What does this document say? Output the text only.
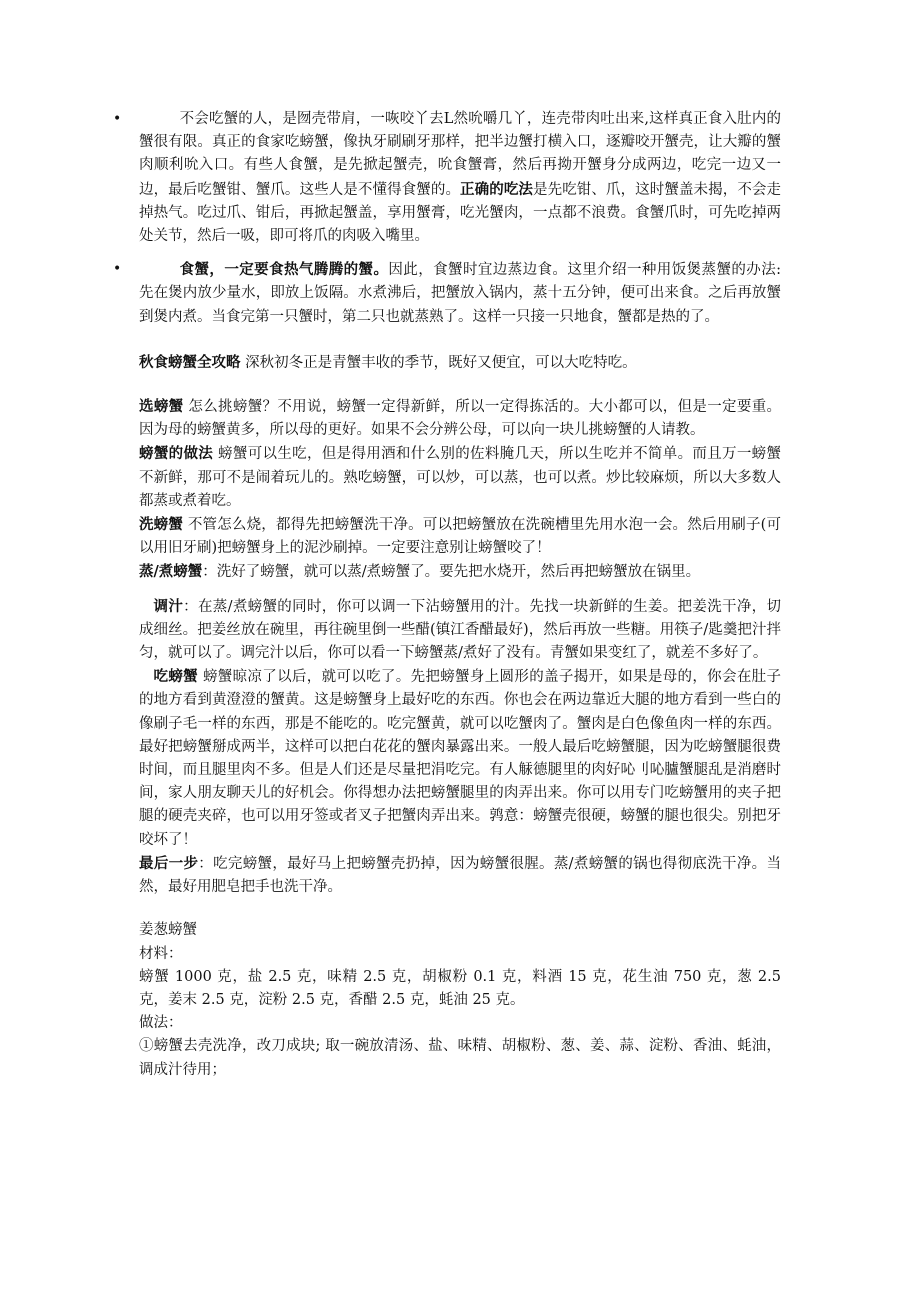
•	不会吃蟹的人，是囫壳带肩，一咴咬丫去L然吮嚼几丫，连壳带肉吐出来,这样真正食入肚内的蟹很有限。真正的食家吃螃蟹，像执牙刷刷牙那样，把半边蟹打横入口，逐瓣咬开蟹壳，让大瓣的蟹肉顺利吮入口。有些人食蟹，是先掀起蟹壳，吮食蟹膏，然后再拗开蟹身分成两边，吃完一边又一边，最后吃蟹钳、蟹爪。这些人是不懂得食蟹的。正确的吃法是先吃钳、爪，这时蟹盖未揭，不会走掉热气。吃过爪、钳后，再掀起蟹盖，享用蟹膏，吃光蟹肉，一点都不浪费。食蟹爪时，可先吃掉两处关节，然后一吸，即可将爪的肉吸入嘴里。
•	食蟹，一定要食热气腾腾的蟹。因此，食蟹时宜边蒸边食。这里介绍一种用饭煲蒸蟹的办法: 先在煲内放少量水，即放上饭隔。水煮沸后，把蟹放入锅内，蒸十五分钟，便可出来食。之后再放蟹到煲内煮。当食完第一只蟹时，第二只也就蒸熟了。这样一只接一只地食，蟹都是热的了。

秋食螃蟹全攻略 深秋初冬正是青蟹丰收的季节，既好又便宜，可以大吃特吃。

选螃蟹 怎么挑螃蟹？不用说，螃蟹一定得新鲜，所以一定得拣活的。大小都可以，但是一定要重。因为母的螃蟹黄多，所以母的更好。如果不会分辨公母，可以向一块儿挑螃蟹的人请教。

螃蟹的做法 螃蟹可以生吃，但是得用酒和什么别的佐料腌几天，所以生吃并不简单。而且万一螃蟹不新鲜，那可不是闹着玩儿的。熟吃螃蟹，可以炒，可以蒸，也可以煮。炒比较麻烦，所以大多数人都蒸或煮着吃。

洗螃蟹 不管怎么烧，都得先把螃蟹洗干净。可以把螃蟹放在洗碗槽里先用水泡一会。然后用刷子(可以用旧牙刷)把螃蟹身上的泥沙刷掉。一定要注意别让螃蟹咬了！

蒸/煮螃蟹：洗好了螃蟹，就可以蒸/煮螃蟹了。要先把水烧开，然后再把螃蟹放在锅里。

调汁：在蒸/煮螃蟹的同时，你可以调一下沾螃蟹用的汁。先找一块新鲜的生姜。把姜洗干净，切成细丝。把姜丝放在碗里，再往碗里倒一些醋(镇江香醋最好)，然后再放一些糖。用筷子/匙羹把汁拌匀，就可以了。调完汁以后，你可以看一下螃蟹蒸/煮好了没有。青蟹如果变红了，就差不多好了。

吃螃蟹 螃蟹晾凉了以后，就可以吃了。先把螃蟹身上圆形的盖子揭开，如果是母的，你会在肚子的地方看到黄澄澄的蟹黄。这是螃蟹身上最好吃的东西。你也会在两边靠近大腿的地方看到一些白的像刷子毛一样的东西，那是不能吃的。吃完蟹黄，就可以吃蟹肉了。蟹肉是白色像鱼肉一样的东西。最好把螃蟹掰成两半，这样可以把白花花的蟹肉暴露出来。一般人最后吃螃蟹腿，因为吃螃蟹腿很费时间，而且腿里肉不多。但是人们还是尽量把涓吃完。有人觨德腿里的肉好吣刂吣臚蟹腿乱是消磨时间，家人朋友聊天儿的好机会。你得想办法把螃蟹腿里的肉弄出来。你可以用专门吃螃蟹用的夹子把腿的硬壳夹碎，也可以用牙签或者叉子把蟹肉弄出来。鹑意：螃蟹壳很硬，螃蟹的腿也很尖。别把牙咬坏了！

最后一步：吃完螃蟹，最好马上把螃蟹壳扔掉，因为螃蟹很腥。蒸/煮螃蟹的锅也得彻底洗干净。当然，最好用肥皂把手也洗干净。

姜葱螃蟹

材料：

螃蟹 1000 克，盐 2.5 克，味精 2.5 克，胡椒粉 0.1 克，料酒 15 克，花生油 750 克，葱 2.5 克，姜末 2.5 克，淀粉 2.5 克，香醋 2.5 克，蚝油 25 克。

做法：

①螃蟹去壳洗净，改刀成块; 取一碗放清汤、盐、味精、胡椒粉、葱、姜、蒜、淀粉、香油、蚝油，调成汁待用；
